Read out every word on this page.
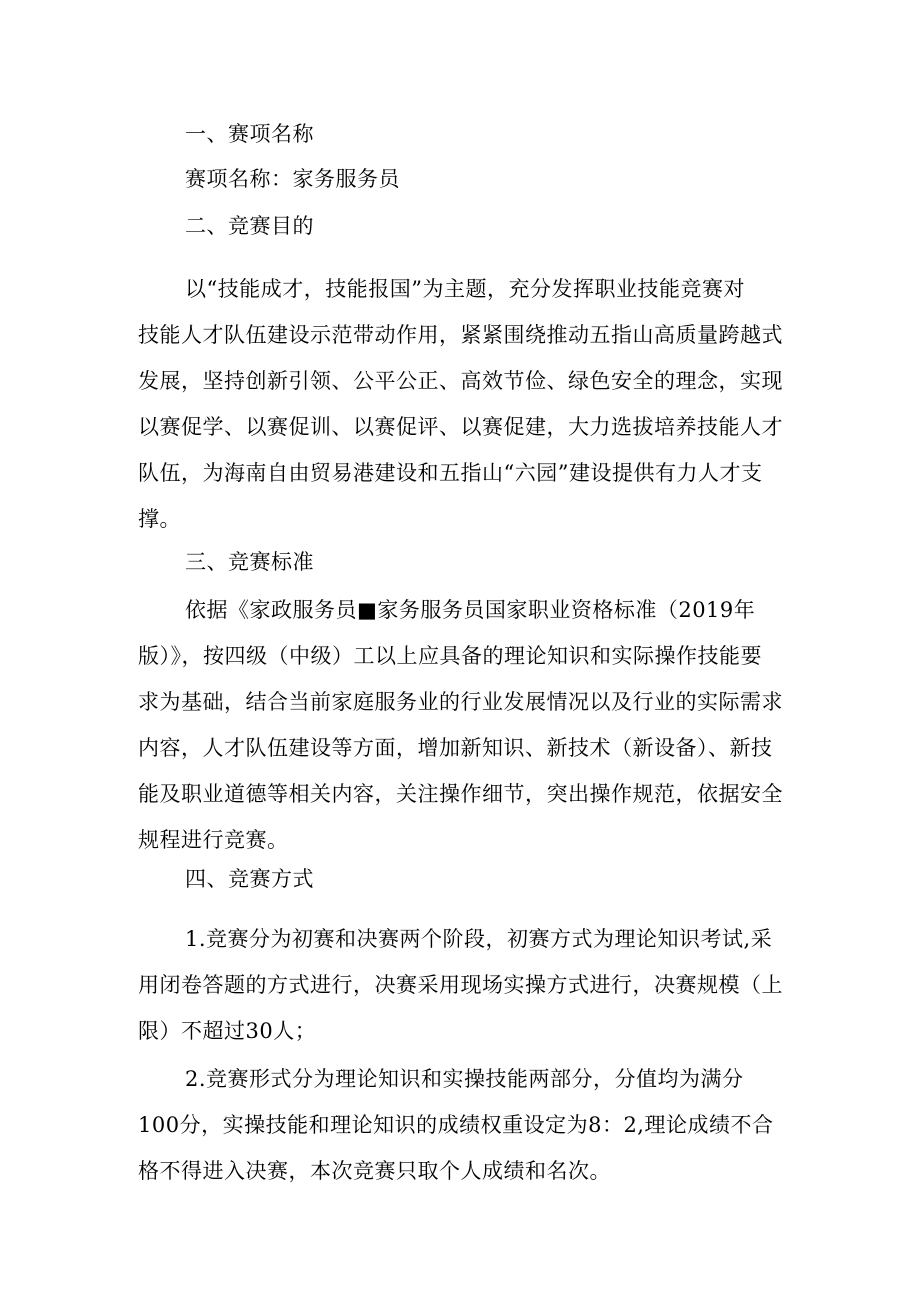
一、赛项名称
赛项名称：家务服务员
二、竞赛目的
以“技能成才，技能报国”为主题，充分发挥职业技能竞赛对
技能人才队伍建设示范带动作用，紧紧围绕推动五指山高质量跨越式
发展，坚持创新引领、公平公正、高效节俭、绿色安全的理念，实现
以赛促学、以赛促训、以赛促评、以赛促建，大力选拔培养技能人才
队伍，为海南自由贸易港建设和五指山“六园”建设提供有力人才支
撑。
三、竞赛标准
依据《家政服务员■家务服务员国家职业资格标准（2019年
版）》，按四级（中级）工以上应具备的理论知识和实际操作技能要
求为基础，结合当前家庭服务业的行业发展情况以及行业的实际需求
内容，人才队伍建设等方面，增加新知识、新技术（新设备）、新技
能及职业道德等相关内容，关注操作细节，突出操作规范，依据安全
规程进行竞赛。
四、竞赛方式
1.竞赛分为初赛和决赛两个阶段，初赛方式为理论知识考试,采
用闭卷答题的方式进行，决赛采用现场实操方式进行，决赛规模（上
限）不超过30人；
2.竞赛形式分为理论知识和实操技能两部分，分值均为满分
100分，实操技能和理论知识的成绩权重设定为8：2,理论成绩不合
格不得进入决赛，本次竞赛只取个人成绩和名次。
